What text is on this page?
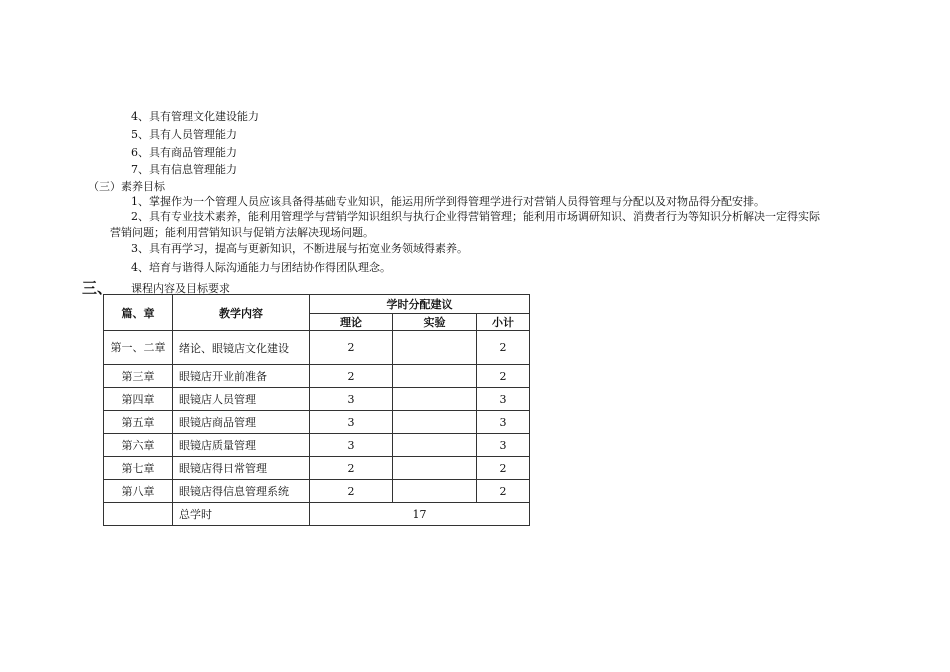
4、具有管理文化建设能力
5、具有人员管理能力
6、具有商品管理能力
7、具有信息管理能力
（三）素养目标
1、掌握作为一个管理人员应该具备得基础专业知识，能运用所学到得管理学进行对营销人员得管理与分配以及对物品得分配安排。
2、具有专业技术素养，能利用管理学与营销学知识组织与执行企业得营销管理；能利用市场调研知识、消费者行为等知识分析解决一定得实际
营销问题；能利用营销知识与促销方法解决现场问题。
3、具有再学习，提高与更新知识，不断进展与拓宽业务领域得素养。
4、培育与谐得人际沟通能力与团结协作得团队理念。
三、 课程内容及目标要求
篇、章	教学内容	学时分配建议		
		理论	实验	小计
第一、二章	绪论、眼镜店文化建设	2		2
第三章	眼镜店开业前准备	2		2
第四章	眼镜店人员管理	3		3
第五章	眼镜店商品管理	3		3
第六章	眼镜店质量管理	3		3
第七章	眼镜店得日常管理	2		2
第八章	眼镜店得信息管理系统	2		2
	总学时	17		
